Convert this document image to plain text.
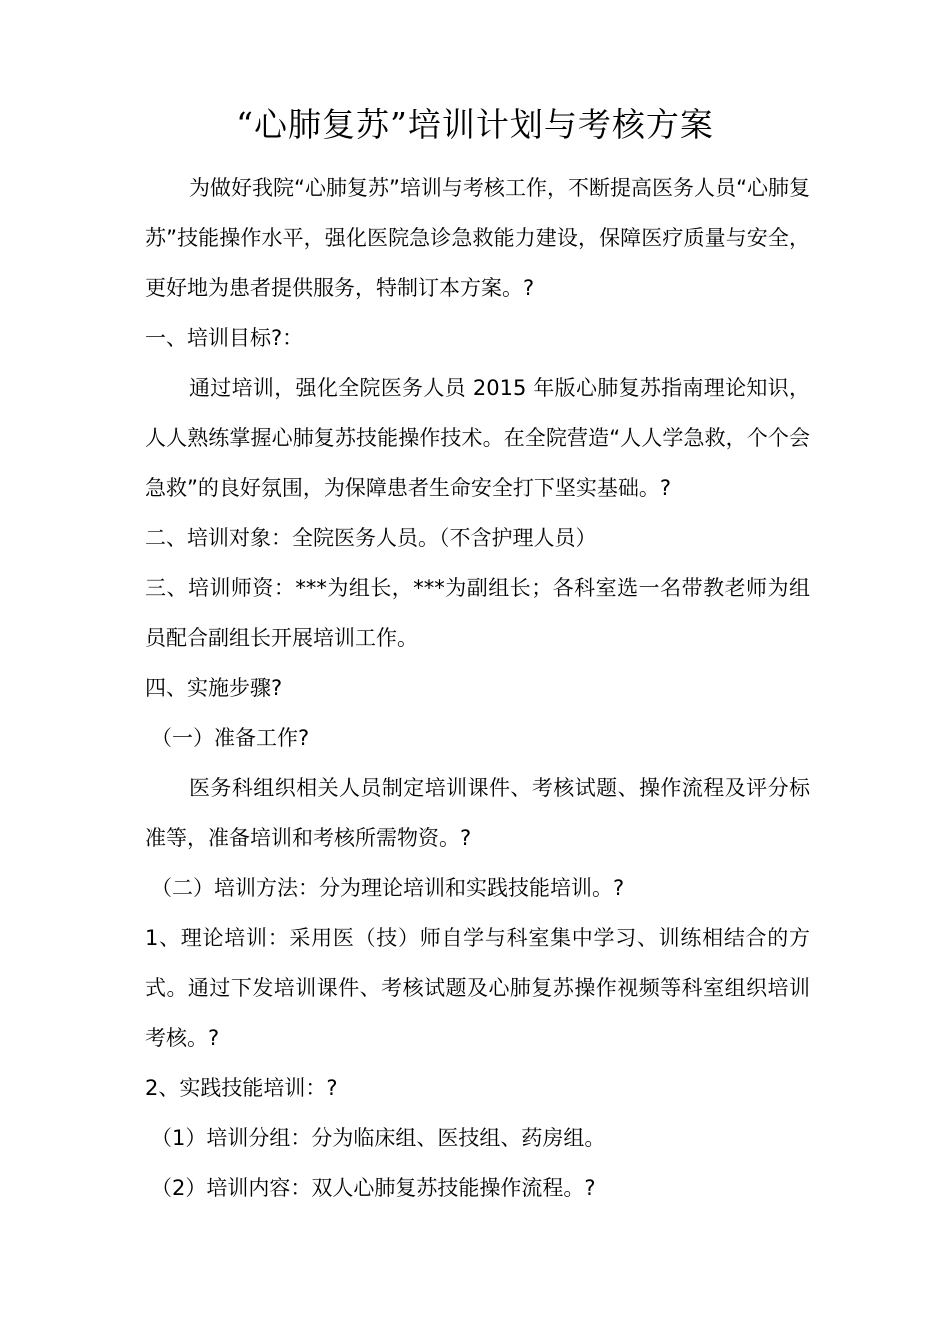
“心肺复苏”培训计划与考核方案

为做好我院“心肺复苏”培训与考核工作，不断提高医务人员“心肺复苏”技能操作水平，强化医院急诊急救能力建设，保障医疗质量与安全，更好地为患者提供服务，特制订本方案。?

一、培训目标?：

通过培训，强化全院医务人员 2015 年版心肺复苏指南理论知识，人人熟练掌握心肺复苏技能操作技术。在全院营造“人人学急救，个个会急救”的良好氛围，为保障患者生命安全打下坚实基础。?

二、培训对象：全院医务人员。（不含护理人员）

三、培训师资：***为组长，***为副组长；各科室选一名带教老师为组员配合副组长开展培训工作。

四、实施步骤?

（一）准备工作?

医务科组织相关人员制定培训课件、考核试题、操作流程及评分标准等，准备培训和考核所需物资。?

（二）培训方法：分为理论培训和实践技能培训。?

1、理论培训：采用医（技）师自学与科室集中学习、训练相结合的方式。通过下发培训课件、考核试题及心肺复苏操作视频等科室组织培训考核。?

2、实践技能培训：?

（1）培训分组：分为临床组、医技组、药房组。

（2）培训内容：双人心肺复苏技能操作流程。?
